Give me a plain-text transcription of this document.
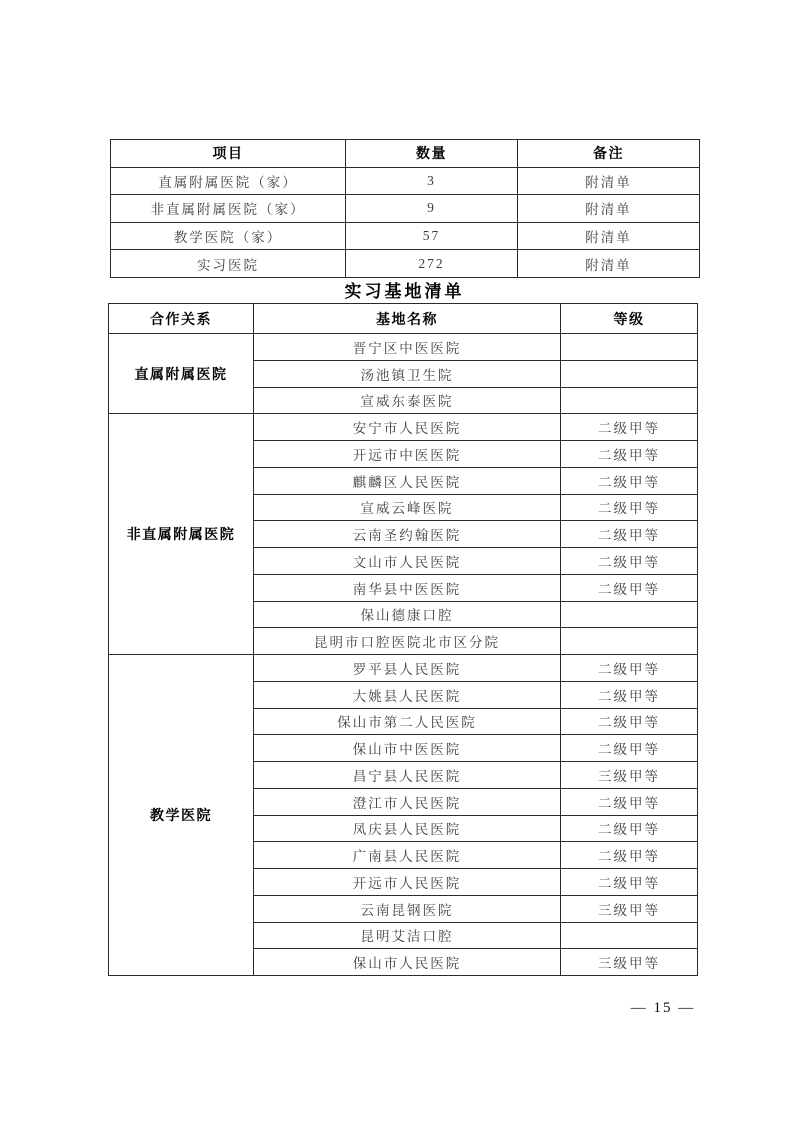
项目	数量	备注
直属附属医院（家）	3	附清单
非直属附属医院（家）	9	附清单
教学医院（家）	57	附清单
实习医院	272	附清单
实习基地清单
合作关系	基地名称	等级
直属附属医院	晋宁区中医医院	
	汤池镇卫生院	
	宣威东泰医院	
非直属附属医院	安宁市人民医院	二级甲等
	开远市中医医院	二级甲等
	麒麟区人民医院	二级甲等
	宣威云峰医院	二级甲等
	云南圣约翰医院	二级甲等
	文山市人民医院	二级甲等
	南华县中医医院	二级甲等
	保山德康口腔	
	昆明市口腔医院北市区分院	
教学医院	罗平县人民医院	二级甲等
	大姚县人民医院	二级甲等
	保山市第二人民医院	二级甲等
	保山市中医医院	二级甲等
	昌宁县人民医院	三级甲等
	澄江市人民医院	二级甲等
	凤庆县人民医院	二级甲等
	广南县人民医院	二级甲等
	开远市人民医院	二级甲等
	云南昆钢医院	三级甲等
	昆明艾洁口腔	
	保山市人民医院	三级甲等
— 15 —
